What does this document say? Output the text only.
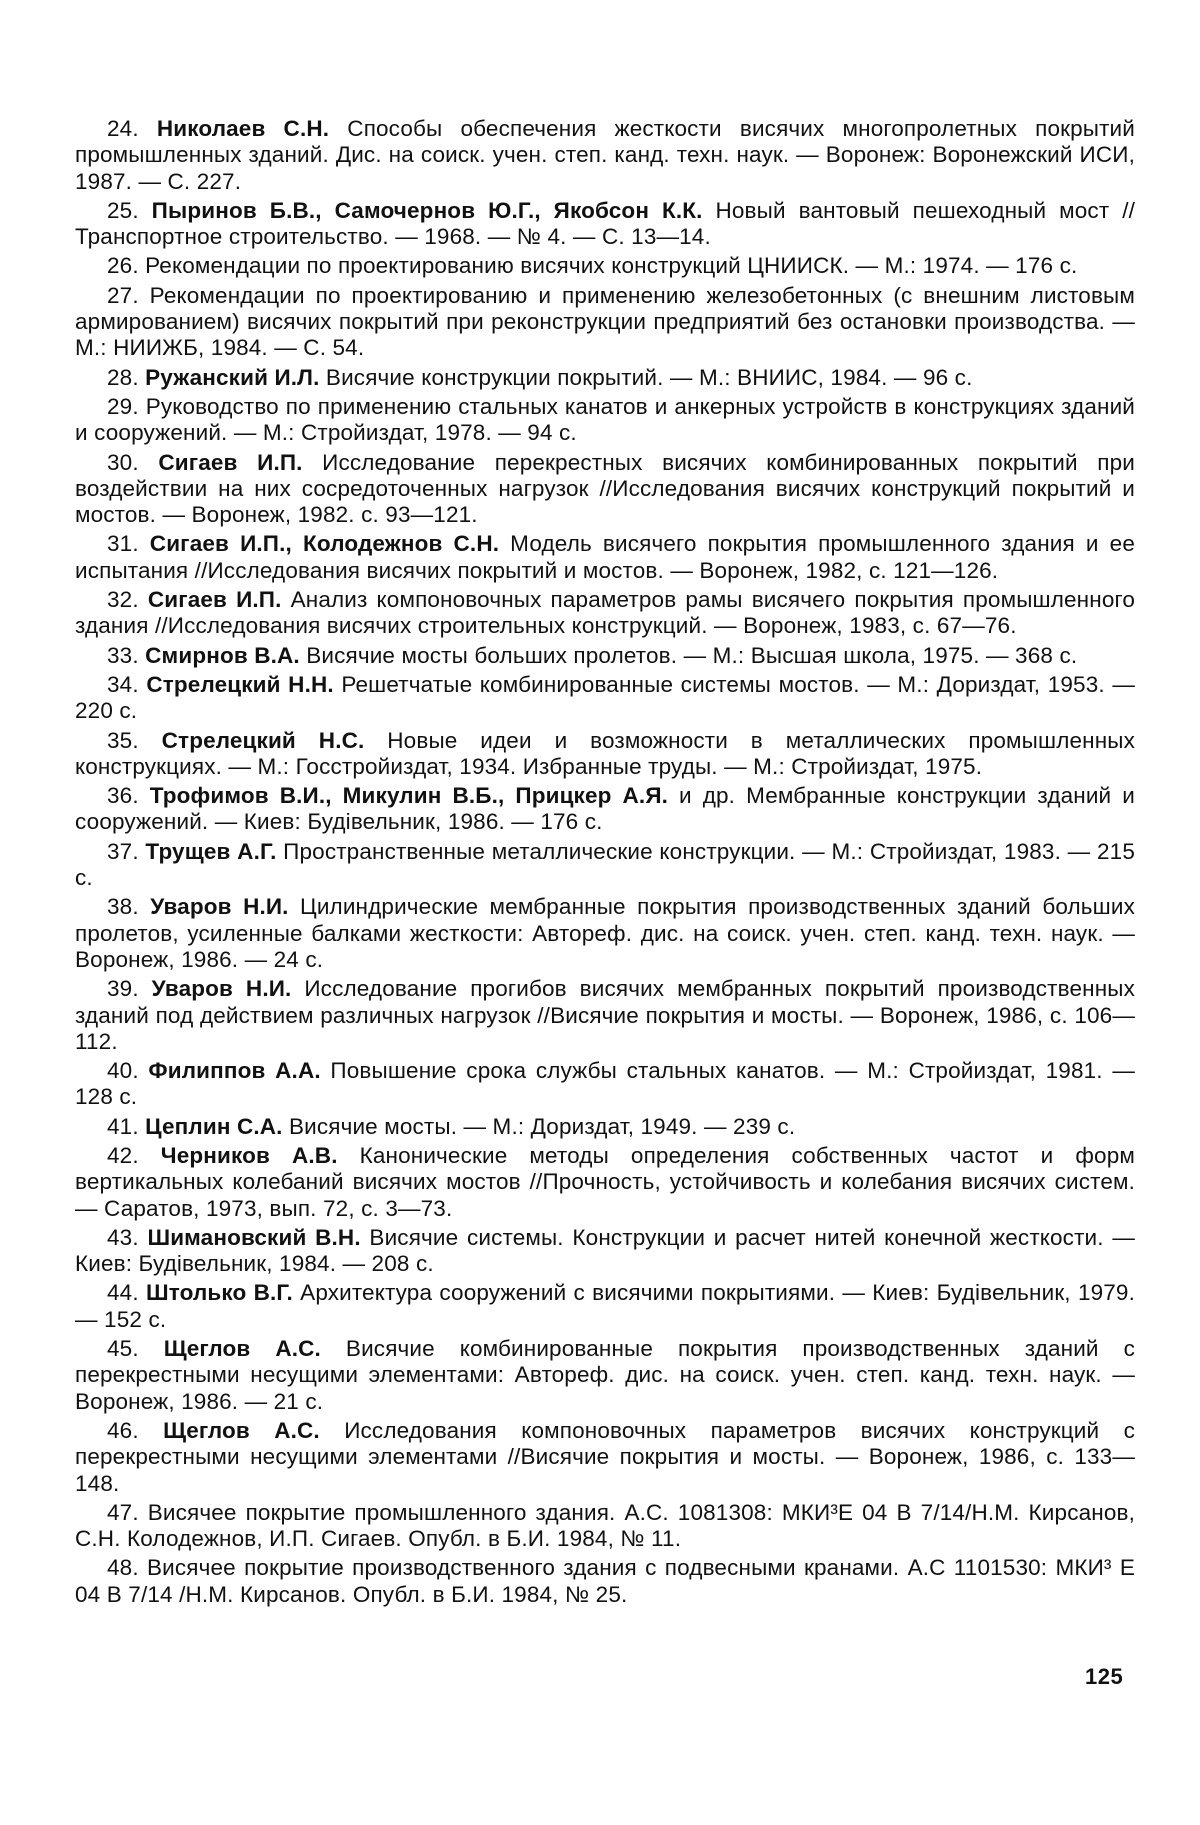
24. Николаев С.Н. Способы обеспечения жесткости висячих многопролетных покрытий промышленных зданий. Дис. на соиск. учен. степ. канд. техн. наук. — Воронеж: Воронежский ИСИ, 1987. — С. 227.
25. Пыринов Б.В., Самочернов Ю.Г., Якобсон К.К. Новый вантовый пешеходный мост //Транспортное строительство. — 1968. — № 4. — С. 13—14.
26. Рекомендации по проектированию висячих конструкций ЦНИИСК. — М.: 1974. — 176 с.
27. Рекомендации по проектированию и применению железобетонных (с внешним листовым армированием) висячих покрытий при реконструкции предприятий без остановки производства. — М.: НИИЖБ, 1984. — С. 54.
28. Ружанский И.Л. Висячие конструкции покрытий. — М.: ВНИИС, 1984. — 96 с.
29. Руководство по применению стальных канатов и анкерных устройств в конструкциях зданий и сооружений. — М.: Стройиздат, 1978. — 94 с.
30. Сигаев И.П. Исследование перекрестных висячих комбинированных покрытий при воздействии на них сосредоточенных нагрузок //Исследования висячих конструкций покрытий и мостов. — Воронеж, 1982. с. 93—121.
31. Сигаев И.П., Колодежнов С.Н. Модель висячего покрытия промышленного здания и ее испытания //Исследования висячих покрытий и мостов. — Воронеж, 1982, с. 121—126.
32. Сигаев И.П. Анализ компоновочных параметров рамы висячего покрытия промышленного здания //Исследования висячих строительных конструкций. — Воронеж, 1983, с. 67—76.
33. Смирнов В.А. Висячие мосты больших пролетов. — М.: Высшая школа, 1975. — 368 с.
34. Стрелецкий Н.Н. Решетчатые комбинированные системы мостов. — М.: Дориздат, 1953. — 220 с.
35. Стрелецкий Н.С. Новые идеи и возможности в металлических промышленных конструкциях. — М.: Госстройиздат, 1934. Избранные труды. — М.: Стройиздат, 1975.
36. Трофимов В.И., Микулин В.Б., Прицкер А.Я. и др. Мембранные конструкции зданий и сооружений. — Киев: Будiвельник, 1986. — 176 с.
37. Трущев А.Г. Пространственные металлические конструкции. — М.: Стройиздат, 1983. — 215 с.
38. Уваров Н.И. Цилиндрические мембранные покрытия производственных зданий больших пролетов, усиленные балками жесткости: Автореф. дис. на соиск. учен. степ. канд. техн. наук. — Воронеж, 1986. — 24 с.
39. Уваров Н.И. Исследование прогибов висячих мембранных покрытий производственных зданий под действием различных нагрузок //Висячие покрытия и мосты. — Воронеж, 1986, с. 106—112.
40. Филиппов А.А. Повышение срока службы стальных канатов. — М.: Стройиздат, 1981. — 128 с.
41. Цеплин С.А. Висячие мосты. — М.: Дориздат, 1949. — 239 с.
42. Черников А.В. Канонические методы определения собственных частот и форм вертикальных колебаний висячих мостов //Прочность, устойчивость и колебания висячих систем. — Саратов, 1973, вып. 72, с. 3—73.
43. Шимановский В.Н. Висячие системы. Конструкции и расчет нитей конечной жесткости. — Киев: Будiвельник, 1984. — 208 с.
44. Штолько В.Г. Архитектура сооружений с висячими покрытиями. — Киев: Будiвельник, 1979. — 152 с.
45. Щеглов А.С. Висячие комбинированные покрытия производственных зданий с перекрестными несущими элементами: Автореф. дис. на соиск. учен. степ. канд. техн. наук. — Воронеж, 1986. — 21 с.
46. Щеглов А.С. Исследования компоновочных параметров висячих конструкций с перекрестными несущими элементами //Висячие покрытия и мосты. — Воронеж, 1986, с. 133—148.
47. Висячее покрытие промышленного здания. А.С. 1081308: МКИ³Е 04 В 7/14/Н.М. Кирсанов, С.Н. Колодежнов, И.П. Сигаев. Опубл. в Б.И. 1984, № 11.
48. Висячее покрытие производственного здания с подвесными кранами. А.С 1101530: МКИ³ Е 04 В 7/14 /Н.М. Кирсанов. Опубл. в Б.И. 1984, № 25.
125
